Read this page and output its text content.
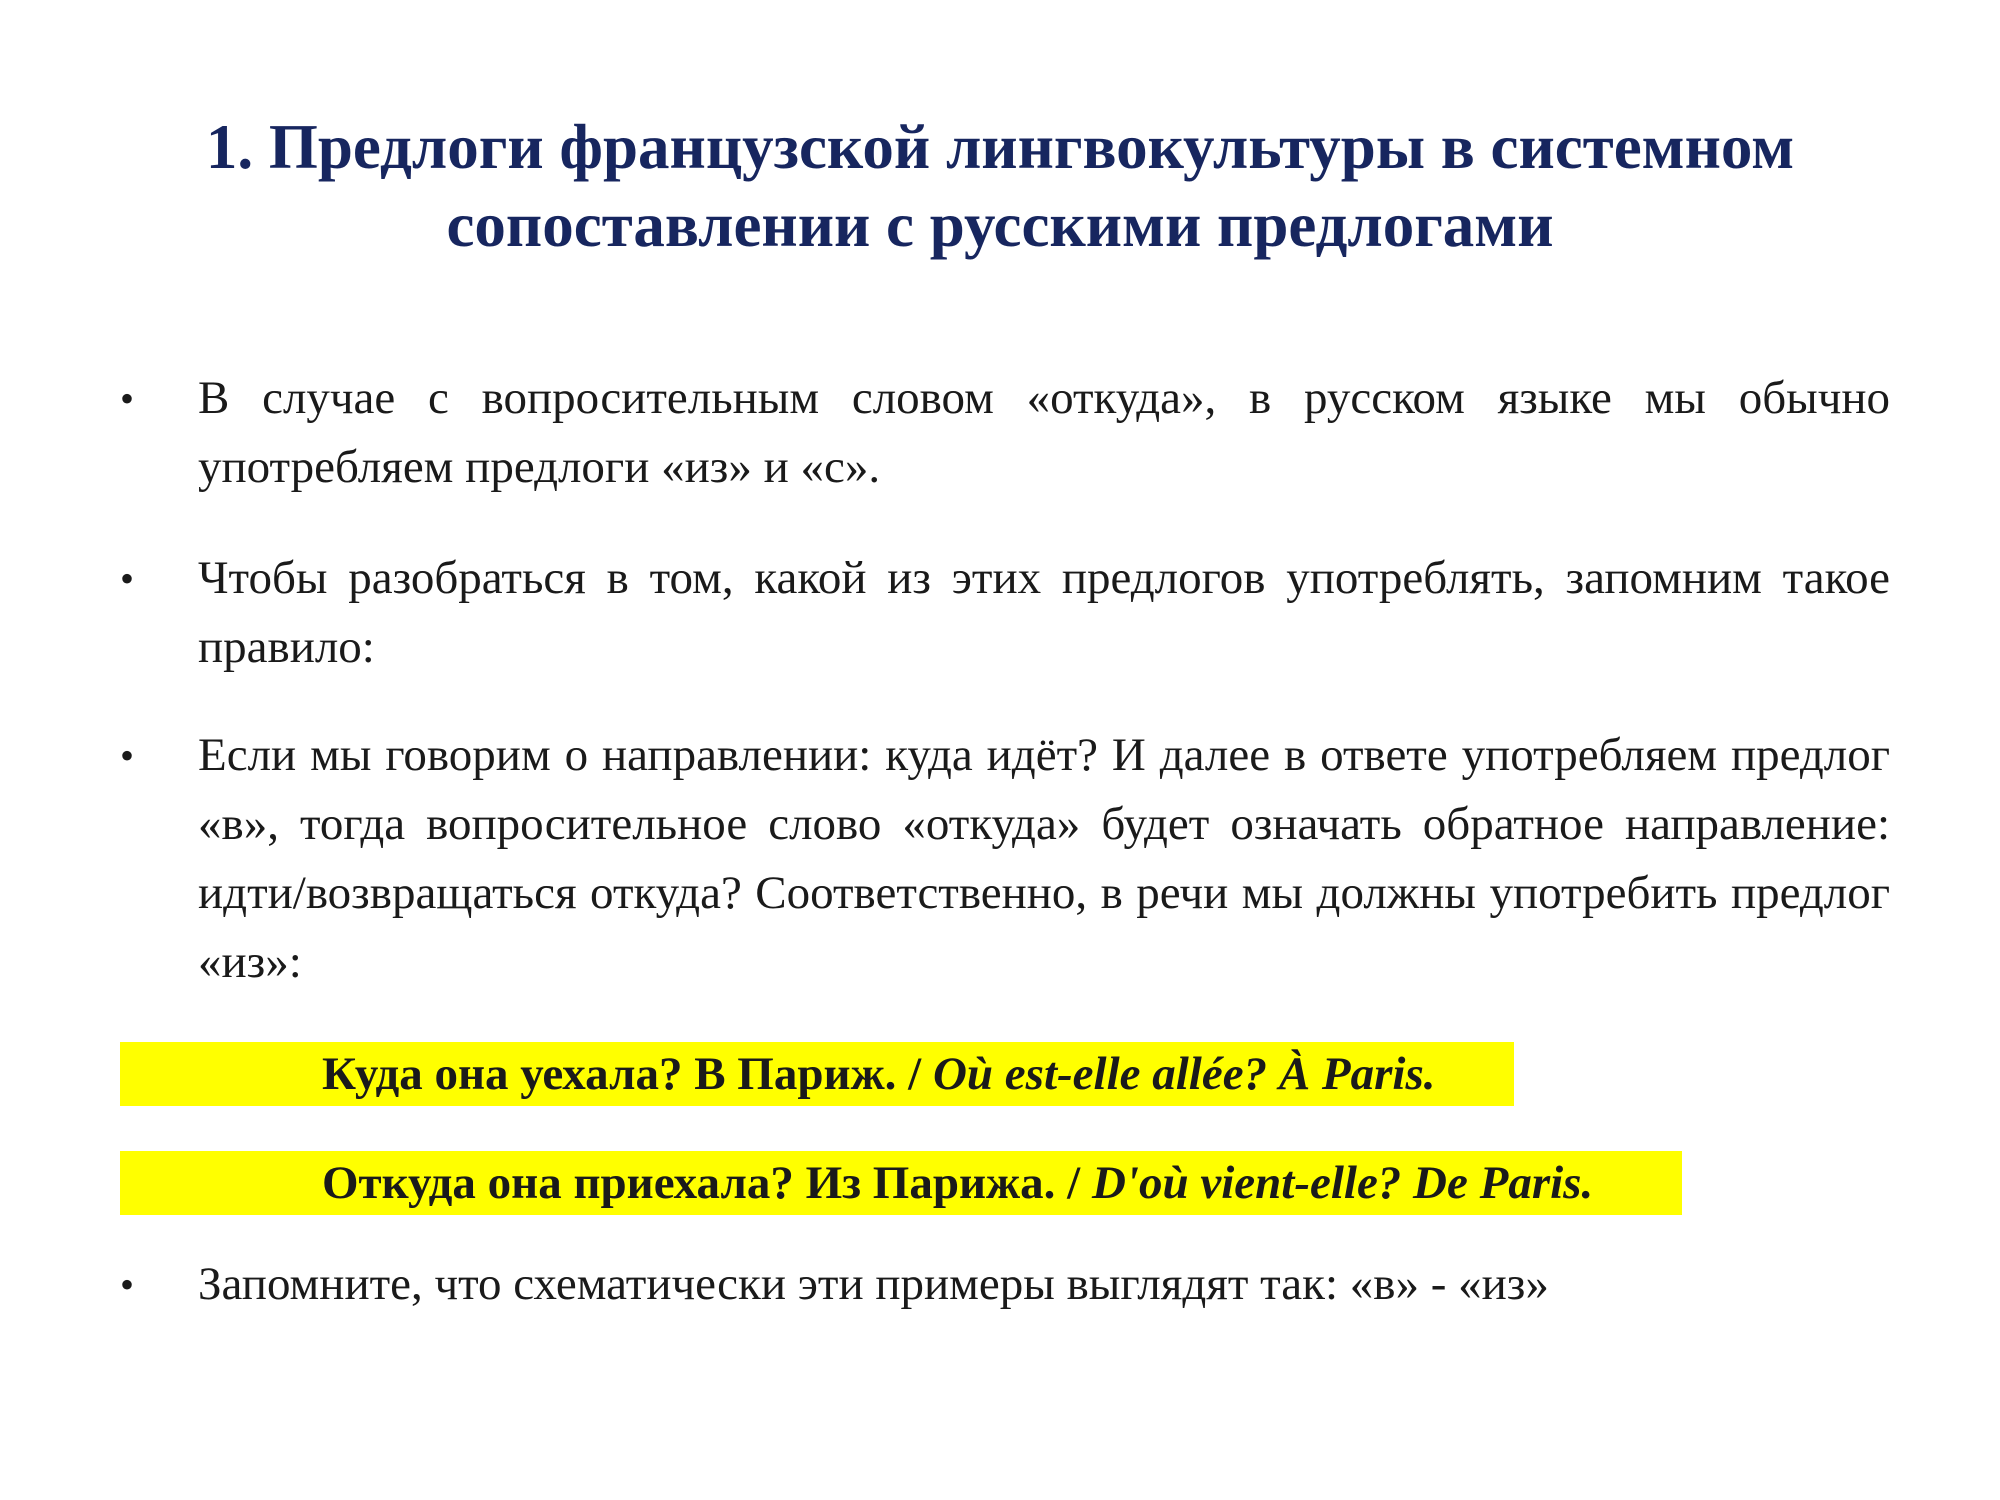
1. Предлоги французской лингвокультуры в системном
сопоставлении с русскими предлогами
•	В случае с вопросительным словом «откуда», в русском языке мы обычно употребляем предлоги «из» и «с».
•	Чтобы разобраться в том, какой из этих предлогов употреблять, запомним такое правило:
•	Если мы говорим о направлении: куда идёт? И далее в ответе употребляем предлог «в», тогда вопросительное слово «откуда» будет означать обратное направление: идти/возвращаться откуда? Соответственно, в речи мы должны употребить предлог «из»:
Куда она уехала? В Париж. / Où est-elle allée? À Paris.
Откуда она приехала? Из Парижа. / D'où vient-elle? De Paris.
•	Запомните, что схематически эти примеры выглядят так: «в» - «из»
